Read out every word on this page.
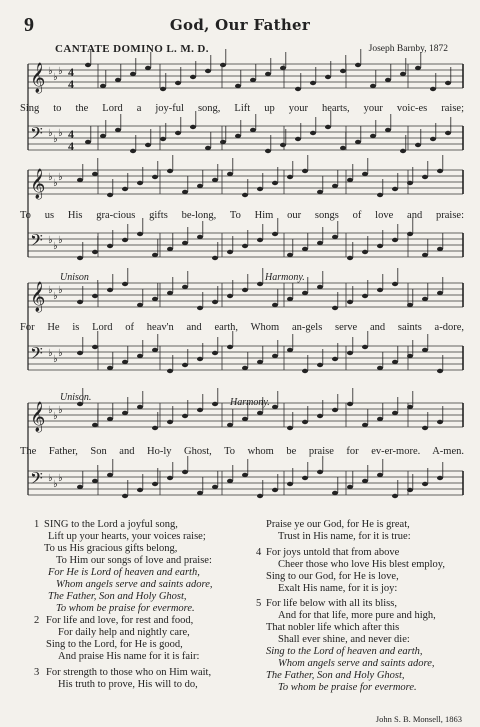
9	God, Our Father
CANTATE DOMINO L. M. D.	Joseph Barnby, 1872
𝄞 ♭
♭
♭ 4
4
𝄢 ♭
♭
♭ 4
4
𝄞 ♭
♭
♭
𝄢 ♭
♭
♭
𝄞 ♭
♭
♭
𝄢 ♭
♭
♭
𝄞 ♭
♭
♭
𝄢 ♭
♭
♭
Sing to the Lord a joy-ful song, Lift up your hearts, your voic-es raise;
To us His gra-cious gifts be-long, To Him our songs of love and praise:
For He is Lord of heav'n and earth, Whom an-gels serve and saints a-dore,
The Father, Son and Ho-ly Ghost, To whom be praise for ev-er-more. A-men.
Unison	Harmony.
Unison.	Harmony.
1 SING to the Lord a joyful song,
Lift up your hearts, your voices raise;
To us His gracious gifts belong,
To Him our songs of love and praise:
For He is Lord of heaven and earth,
Whom angels serve and saints adore,
The Father, Son and Holy Ghost,
To whom be praise for evermore.
2 For life and love, for rest and food,
For daily help and nightly care,
Sing to the Lord, for He is good,
And praise His name for it is fair:
3 For strength to those who on Him wait,
His truth to prove, His will to do,
Praise ye our God, for He is great,
Trust in His name, for it is true:
4 For joys untold that from above
Cheer those who love His blest employ,
Sing to our God, for He is love,
Exalt His name, for it is joy:
5 For life below with all its bliss,
And for that life, more pure and high,
That nobler life which after this
Shall ever shine, and never die:
Sing to the Lord of heaven and earth,
Whom angels serve and saints adore,
The Father, Son and Holy Ghost,
To whom be praise for evermore.
John S. B. Monsell, 1863
